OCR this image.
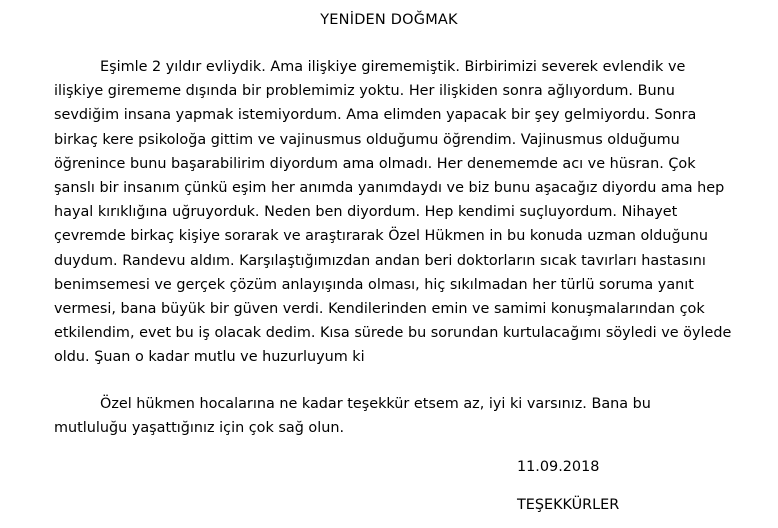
YENİDEN DOĞMAK

Eşimle 2 yıldır evliydik. Ama ilişkiye girememiştik. Birbirimizi severek evlendik ve
ilişkiye girememe dışında bir problemimiz yoktu. Her ilişkiden sonra ağlıyordum. Bunu
sevdiğim insana yapmak istemiyordum. Ama elimden yapacak bir şey gelmiyordu. Sonra
birkaç kere psikoloğa gittim ve vajinusmus olduğumu öğrendim. Vajinusmus olduğumu
öğrenince bunu başarabilirim diyordum ama olmadı. Her denememde acı ve hüsran. Çok
şanslı bir insanım çünkü eşim her anımda yanımdaydı ve biz bunu aşacağız diyordu ama hep
hayal kırıklığına uğruyorduk. Neden ben diyordum. Hep kendimi suçluyordum. Nihayet
çevremde birkaç kişiye sorarak ve araştırarak Özel Hükmen in bu konuda uzman olduğunu
duydum. Randevu aldım. Karşılaştığımızdan andan beri doktorların sıcak tavırları hastasını
benimsemesi ve gerçek çözüm anlayışında olması, hiç sıkılmadan her türlü soruma yanıt
vermesi, bana büyük bir güven verdi. Kendilerinden emin ve samimi konuşmalarından çok
etkilendim, evet bu iş olacak dedim. Kısa sürede bu sorundan kurtulacağımı söyledi ve öylede
oldu. Şuan o kadar mutlu ve huzurluyum ki

Özel hükmen hocalarına ne kadar teşekkür etsem az, iyi ki varsınız. Bana bu
mutluluğu yaşattığınız için çok sağ olun.

11.09.2018
TEŞEKKÜRLER
